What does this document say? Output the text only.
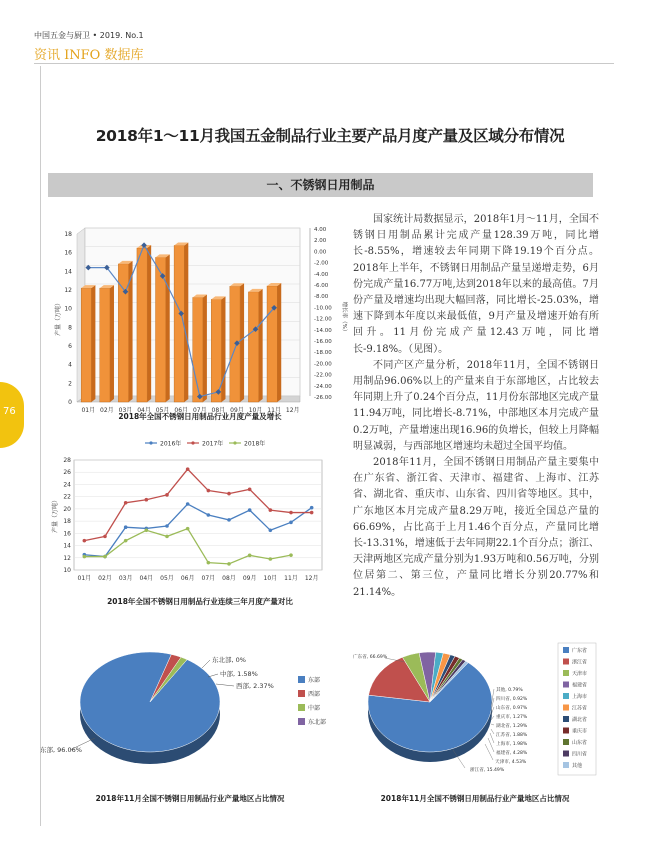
中国五金与厨卫 • 2019. No.1
资讯 INFO 数据库
2018年1～11月我国五金制品行业主要产品月度产量及区域分布情况
一、不锈钢日用制品
76

国家统计局数据显示，2018年1月～11月，全国不锈钢日用制品累计完成产量128.39万吨，同比增长-8.55%，增速较去年同期下降19.19个百分点。2018年上半年，不锈钢日用制品产量呈递增走势，6月份完成产量16.77万吨,达到2018年以来的最高值。7月份产量及增速均出现大幅回落，同比增长-25.03%，增速下降到本年度以来最低值，9月产量及增速开始有所回升。11月份完成产量12.43万吨，同比增长-9.18%。（见图）。

不同产区产量分析，2018年11月，全国不锈钢日用制品96.06%以上的产量来自于东部地区，占比较去年同期上升了0.24个百分点，11月份东部地区完成产量11.94万吨，同比增长-8.71%，中部地区本月完成产量0.2万吨，产量增速出现16.96的负增长，但较上月降幅明显减弱，与西部地区增速均未超过全国平均值。

2018年11月，全国不锈钢日用制品产量主要集中在广东省、浙江省、天津市、福建省、上海市、江苏省、湖北省、重庆市、山东省、四川省等地区。其中，广东地区本月完成产量8.29万吨，接近全国总产量的66.69%，占比高于上月1.46个百分点，产量同比增长-13.31%，增速低于去年同期22.1个百分点；浙江、天津两地区完成产量分别为1.93万吨和0.56万吨，分别位居第二、第三位，产量同比增长分别20.77%和21.14%。

0
2
4
6
8
10
12
14
16
18
4.00
2.00
0.00
-2.00
-4.00
-6.00
-8.00
-10.00
-12.00
-14.00
-16.00
-18.00
-20.00
-22.00
-24.00
-26.00
产量（万吨）	增长率（%）
01月 02月 03月 04月 05月 06月 07月 08月 09月 10月 11月 12月
2018年全国不锈钢日用制品行业月度产量及增长
2016年	2017年	2018年
10
12
14
16
18
20
22
24
26
28
产量（万吨）
01月 02月 03月 04月 05月 06月 07月 08月 09月 10月 11月 12月
2018年全国不锈钢日用制品行业连续三年月度产量对比
东部, 96.06%
西部, 2.37%
中部, 1.58%
东北部, 0%
东部
西部
中部
东北部
2018年11月全国不锈钢日用制品行业产量地区占比情况
广东省, 66.69%
浙江省, 15.49%
天津市, 4.53%
福建省, 4.28%
上海市, 1.98%
江苏省, 1.88%
湖北省, 1.29%
重庆市, 1.27%
山东省, 0.97%
四川省, 0.92%
其他, 0.79%
广东省
浙江省
天津市
福建省
上海市
江苏省
湖北省
重庆市
山东省
四川省
其他
2018年11月全国不锈钢日用制品行业产量地区占比情况
